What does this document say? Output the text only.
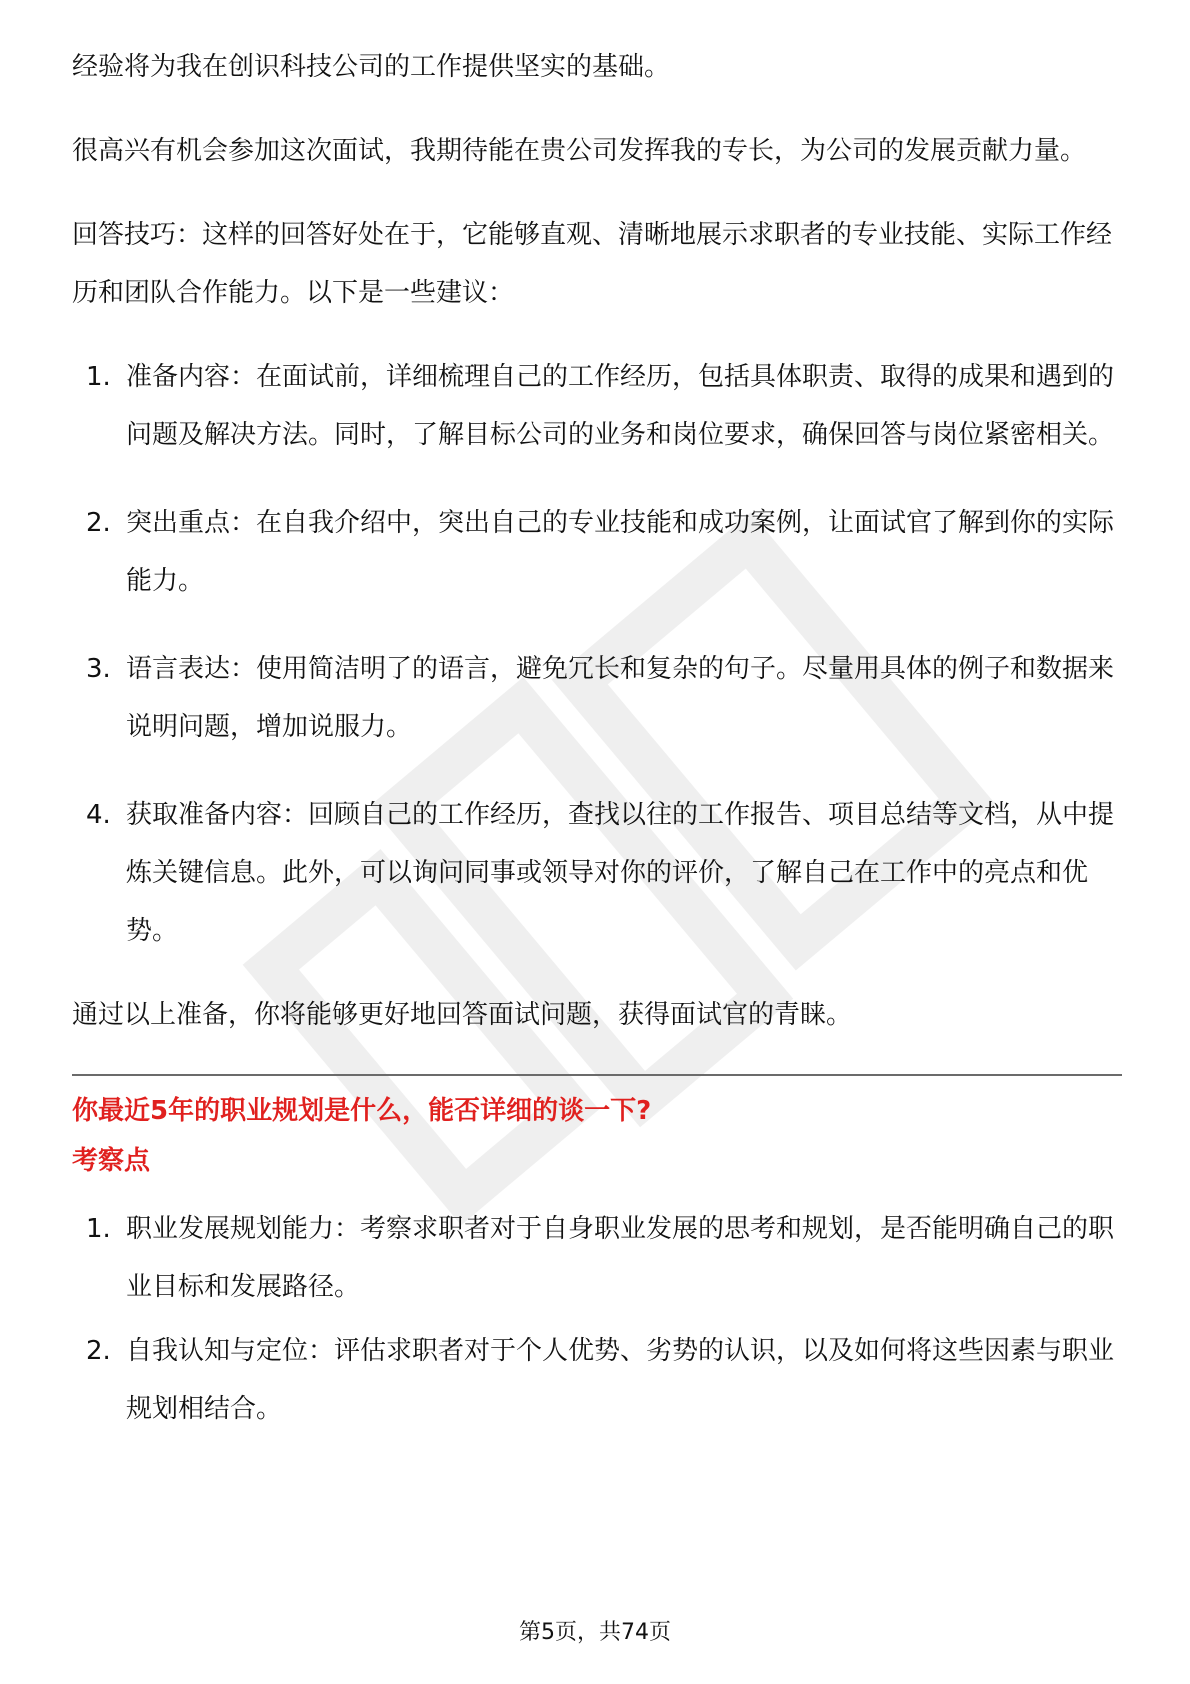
经验将为我在创识科技公司的工作提供坚实的基础。

很高兴有机会参加这次面试，我期待能在贵公司发挥我的专长，为公司的发展贡献力量。

回答技巧：这样的回答好处在于，它能够直观、清晰地展示求职者的专业技能、实际工作经历和团队合作能力。以下是一些建议：

1. 准备内容：在面试前，详细梳理自己的工作经历，包括具体职责、取得的成果和遇到的问题及解决方法。同时，了解目标公司的业务和岗位要求，确保回答与岗位紧密相关。
2. 突出重点：在自我介绍中，突出自己的专业技能和成功案例，让面试官了解到你的实际能力。
3. 语言表达：使用简洁明了的语言，避免冗长和复杂的句子。尽量用具体的例子和数据来说明问题，增加说服力。
4. 获取准备内容：回顾自己的工作经历，查找以往的工作报告、项目总结等文档，从中提炼关键信息。此外，可以询问同事或领导对你的评价，了解自己在工作中的亮点和优势。

通过以上准备，你将能够更好地回答面试问题，获得面试官的青睐。

你最近5年的职业规划是什么，能否详细的谈一下?

考察点

1. 职业发展规划能力：考察求职者对于自身职业发展的思考和规划，是否能明确自己的职业目标和发展路径。
2. 自我认知与定位：评估求职者对于个人优势、劣势的认识，以及如何将这些因素与职业规划相结合。
第5页，共74页
